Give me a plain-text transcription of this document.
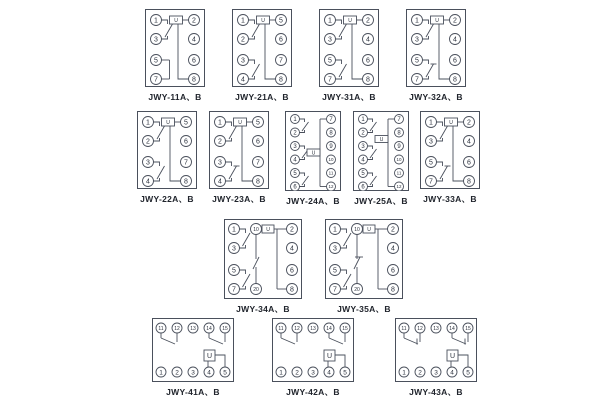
U
1
3
5
7
2
4
6
8
JWY-11A、B
U
1
2
3
4
5
6
7
8
JWY-21A、B
U
1
3
5
7
2
4
6
8
JWY-31A、B
U
1
3
5
7
2
4
6
8
JWY-32A、B
U
1
2
3
4
5
6
7
8
JWY-22A、B
U
1
2
3
4
5
6
7
8
JWY-23A、B
U
1
2
3
4
5
6
7
8
9
10
11
12
JWY-24A、B
U
1
2
3
4
5
6
7
8
9
10
11
12
JWY-25A、B
U
1
3
5
7
2
4
6
8
JWY-33A、B
U
1
3
5
7
10
20
2
4
6
8
JWY-34A、B
U
1
3
5
7
10
20
2
4
6
8
JWY-35A、B
U
11 12 13 14 15
1 2 3 4 5
JWY-41A、B
U
11 12 13 14 15
1 2 3 4 5
JWY-42A、B
U
11 12 13 14 15
1 2 3 4 5
JWY-43A、B
